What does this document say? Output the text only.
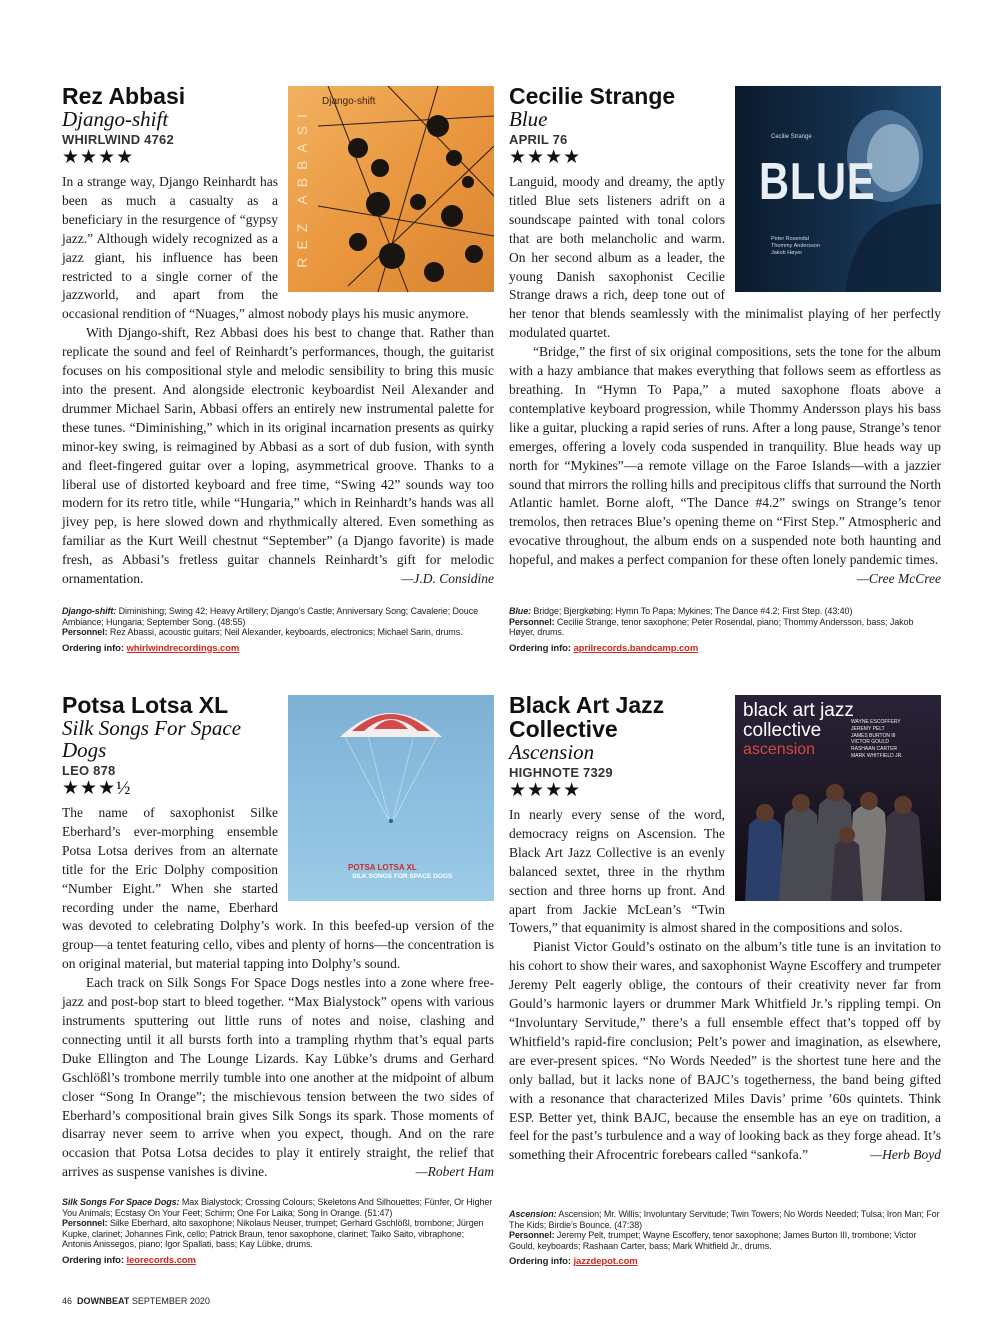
REZ ABBASI
Django-shift
Rez Abbasi
Django-shift
WHIRLWIND 4762
★★★★

In a strange way, Django Reinhardt has been as much a casualty as a beneficiary in the resurgence of “gypsy jazz.” Although widely recognized as a jazz giant, his influence has been restricted to a single corner of the jazzworld, and apart from the occasional rendition of “Nuages,” almost nobody plays his music anymore.

With Django-shift, Rez Abbasi does his best to change that. Rather than replicate the sound and feel of Reinhardt’s performances, though, the guitarist focuses on his compositional style and melodic sensibility to bring this music into the present. And alongside electronic keyboardist Neil Alexander and drummer Michael Sarin, Abbasi offers an entirely new instrumental palette for these tunes. “Diminishing,” which in its original incarnation presents as quirky minor-key swing, is reimagined by Abbasi as a sort of dub fusion, with synth and fleet-fingered guitar over a loping, asymmetrical groove. Thanks to a liberal use of distorted keyboard and free time, “Swing 42” sounds way too modern for its retro title, while “Hungaria,” which in Reinhardt’s hands was all jivey pep, is here slowed down and rhythmically altered. Even something as familiar as the Kurt Weill chestnut “September” (a Django favorite) is made fresh, as Abbasi’s fretless guitar channels Reinhardt’s gift for melodic ornamentation.	—J.D. Considine

Django-shift: Diminishing; Swing 42; Heavy Artillery; Django’s Castle; Anniversary Song; Cavalerie; Douce Ambiance; Hungaria; September Song. (48:55)
Personnel: Rez Abassi, acoustic guitars; Neil Alexander, keyboards, electronics; Michael Sarin, drums.
Ordering info: whirlwindrecordings.com
Cecilie Strange
BLUE
Peter Rosendal
Thommy Andersson
Jakob Høyer
Cecilie Strange
Blue
APRIL 76
★★★★

Languid, moody and dreamy, the aptly titled Blue sets listeners adrift on a soundscape painted with tonal colors that are both melancholic and warm. On her second album as a leader, the young Danish saxophonist Cecilie Strange draws a rich, deep tone out of her tenor that blends seamlessly with the minimalist playing of her perfectly modulated quartet.

“Bridge,” the first of six original compositions, sets the tone for the album with a hazy ambiance that makes everything that follows seem as effortless as breathing. In “Hymn To Papa,” a muted saxophone floats above a contemplative keyboard progression, while Thommy Andersson plays his bass like a guitar, plucking a rapid series of runs. After a long pause, Strange’s tenor emerges, offering a lovely coda suspended in tranquility. Blue heads way up north for “Mykines”—a remote village on the Faroe Islands—with a jazzier sound that mirrors the rolling hills and precipitous cliffs that surround the North Atlantic hamlet. Borne aloft, “The Dance #4.2” swings on Strange’s tenor tremolos, then retraces Blue’s opening theme on “First Step.” Atmospheric and evocative throughout, the album ends on a suspended note both haunting and hopeful, and makes a perfect companion for these often lonely pandemic times.
—Cree McCree

Blue: Bridge; Bjergkøbing; Hymn To Papa; Mykines; The Dance #4.2; First Step. (43:40)
Personnel: Cecilie Strange, tenor saxophone; Peter Rosendal, piano; Thommy Andersson, bass; Jakob Høyer, drums.
Ordering info: aprilrecords.bandcamp.com
POTSA LOTSA XL
SILK SONGS FOR SPACE DOGS
Potsa Lotsa XL
Silk Songs For Space Dogs
LEO 878
★★★½

The name of saxophonist Silke Eberhard’s ever-morphing ensemble Potsa Lotsa derives from an alternate title for the Eric Dolphy composition “Number Eight.” When she started recording under the name, Eberhard was devoted to celebrating Dolphy’s work. In this beefed-up version of the group—a tentet featuring cello, vibes and plenty of horns—the concentration is on original material, but material tapping into Dolphy’s sound.

Each track on Silk Songs For Space Dogs nestles into a zone where free-jazz and post-bop start to bleed together. “Max Bialystock” opens with various instruments sputtering out little runs of notes and noise, clashing and connecting until it all bursts forth into a trampling rhythm that’s equal parts Duke Ellington and The Lounge Lizards. Kay Lübke’s drums and Gerhard Gschlößl’s trombone merrily tumble into one another at the midpoint of album closer “Song In Orange”; the mischievous tension between the two sides of Eberhard’s compositional brain gives Silk Songs its spark. Those moments of disarray never seem to arrive when you expect, though. And on the rare occasion that Potsa Lotsa decides to play it entirely straight, the relief that arrives as suspense vanishes is divine.	—Robert Ham

Silk Songs For Space Dogs: Max Bialystock; Crossing Colours; Skeletons And Silhouettes; Fünfer, Or Higher You Animals; Ecstasy On Your Feet; Schirm; One For Laika; Song In Orange. (51:47)
Personnel: Silke Eberhard, alto saxophone; Nikolaus Neuser, trumpet; Gerhard Gschlößl, trombone; Jürgen Kupke, clarinet; Johannes Fink, cello; Patrick Braun, tenor saxophone, clarinet; Taiko Saito, vibraphone; Antonis Anissegos, piano; Igor Spallati, bass; Kay Lübke, drums.
Ordering info: leorecords.com
black art jazz
collective
ascension
WAYNE ESCOFFERY
JEREMY PELT
JAMES BURTON III
VICTOR GOULD
RASHAAN CARTER
MARK WHITFIELD JR.
Black Art Jazz Collective
Ascension
HIGHNOTE 7329
★★★★

In nearly every sense of the word, democracy reigns on Ascension. The Black Art Jazz Collective is an evenly balanced sextet, three in the rhythm section and three horns up front. And apart from Jackie McLean’s “Twin Towers,” that equanimity is almost shared in the compositions and solos.

Pianist Victor Gould’s ostinato on the album’s title tune is an invitation to his cohort to show their wares, and saxophonist Wayne Escoffery and trumpeter Jeremy Pelt eagerly oblige, the contours of their creativity never far from Gould’s harmonic layers or drummer Mark Whitfield Jr.’s rippling tempi. On “Involuntary Servitude,” there’s a full ensemble effect that’s topped off by Whitfield’s rapid-fire conclusion; Pelt’s power and imagination, as elsewhere, are ever-present spices. “No Words Needed” is the shortest tune here and the only ballad, but it lacks none of BAJC’s togetherness, the band being gifted with a resonance that characterized Miles Davis’ prime ’60s quintets. Think ESP. Better yet, think BAJC, because the ensemble has an eye on tradition, a feel for the past’s turbulence and a way of looking back as they forge ahead. It’s something their Afrocentric forebears called “sankofa.”	—Herb Boyd

Ascension: Ascension; Mr. Willis; Involuntary Servitude; Twin Towers; No Words Needed; Tulsa; Iron Man; For The Kids; Birdie’s Bounce. (47:38)
Personnel: Jeremy Pelt, trumpet; Wayne Escoffery, tenor saxophone; James Burton III, trombone; Victor Gould, keyboards; Rashaan Carter, bass; Mark Whitfield Jr., drums.
Ordering info: jazzdepot.com
46 DOWNBEAT SEPTEMBER 2020
